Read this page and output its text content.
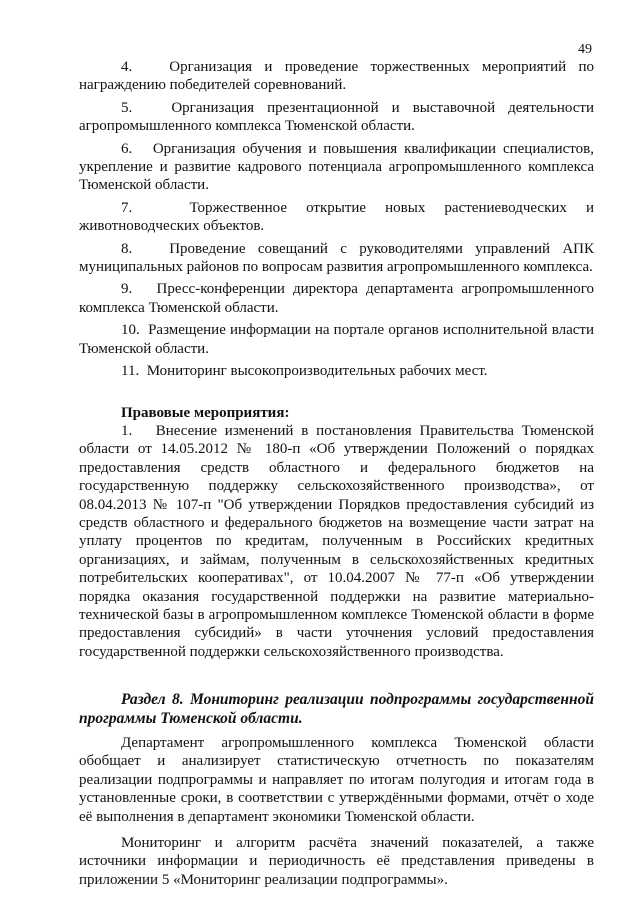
49

4.   Организация и проведение торжественных мероприятий по награждению победителей соревнований.

5.   Организация презентационной и выставочной деятельности агропромышленного комплекса Тюменской области.

6.   Организация обучения и повышения квалификации специалистов, укрепление и развитие кадрового потенциала агропромышленного комплекса Тюменской области.

7.   Торжественное открытие новых растениеводческих и животноводческих объектов.

8.   Проведение совещаний с руководителями управлений АПК муниципальных районов по вопросам развития агропромышленного комплекса.

9.   Пресс-конференции директора департамента агропромышленного комплекса Тюменской области.

10.  Размещение информации на портале органов исполнительной власти Тюменской области.

11.  Мониторинг высокопроизводительных рабочих мест.

Правовые мероприятия:

1.   Внесение изменений в постановления Правительства Тюменской области от 14.05.2012 № 180-п «Об утверждении Положений о порядках предоставления средств областного и федерального бюджетов на государственную поддержку сельскохозяйственного производства», от 08.04.2013 № 107-п "Об утверждении Порядков предоставления субсидий из средств областного и федерального бюджетов на возмещение части затрат на уплату процентов по кредитам, полученным в Российских кредитных организациях, и займам, полученным в сельскохозяйственных кредитных потребительских кооперативах", от 10.04.2007 № 77-п «Об утверждении порядка оказания государственной поддержки на развитие материально-технической базы в агропромышленном комплексе Тюменской области в форме предоставления субсидий» в части уточнения условий предоставления государственной поддержки сельскохозяйственного производства.

Раздел 8. Мониторинг реализации подпрограммы государственной программы Тюменской области.

Департамент агропромышленного комплекса Тюменской области обобщает и анализирует статистическую отчетность по показателям реализации подпрограммы и направляет по итогам полугодия и итогам года в установленные сроки, в соответствии с утверждёнными формами, отчёт о ходе её выполнения в департамент экономики Тюменской области.

Мониторинг и алгоритм расчёта значений показателей, а также источники информации и периодичность её представления приведены в приложении 5 «Мониторинг реализации подпрограммы».
